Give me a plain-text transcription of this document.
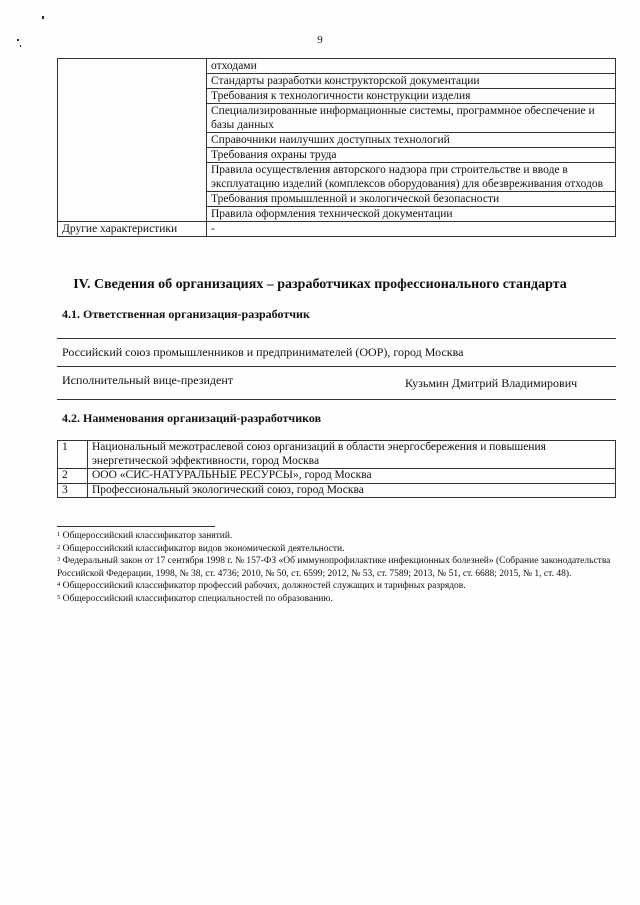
9
	отходами
	Стандарты разработки конструкторской документации
	Требования к технологичности конструкции изделия
	Специализированные информационные системы, программное обеспечение и базы данных
	Справочники наилучших доступных технологий
	Требования охраны труда
	Правила осуществления авторского надзора при строительстве и вводе в эксплуатацию изделий (комплексов оборудования) для обезвреживания отходов
	Требования промышленной и экологической безопасности
	Правила оформления технической документации
Другие характеристики	-
IV. Сведения об организациях – разработчиках профессионального стандарта
4.1. Ответственная организация-разработчик
Российский союз промышленников и предпринимателей (ООР), город Москва
Исполнительный вице-президент	Кузьмин Дмитрий Владимирович
4.2. Наименования организаций-разработчиков
1	Национальный межотраслевой союз организаций в области энергосбережения и повышения энергетической эффективности, город Москва
2	ООО «СИС-НАТУРАЛЬНЫЕ РЕСУРСЫ», город Москва
3	Профессиональный экологический союз, город Москва
$^1$ Общероссийский классификатор занятий.
$^2$ Общероссийский классификатор видов экономической деятельности.
$^3$ Федеральный закон от 17 сентября 1998 г. № 157-ФЗ «Об иммунопрофилактике инфекционных болезней» (Собрание законодательства Российской Федерации, 1998, № 38, ст. 4736; 2010, № 50, ст. 6599; 2012, № 53, ст. 7589; 2013, № 51, ст. 6688; 2015, № 1, ст. 48).
$^4$ Общероссийский классификатор профессий рабочих, должностей служащих и тарифных разрядов.
$^5$ Общероссийский классификатор специальностей по образованию.
